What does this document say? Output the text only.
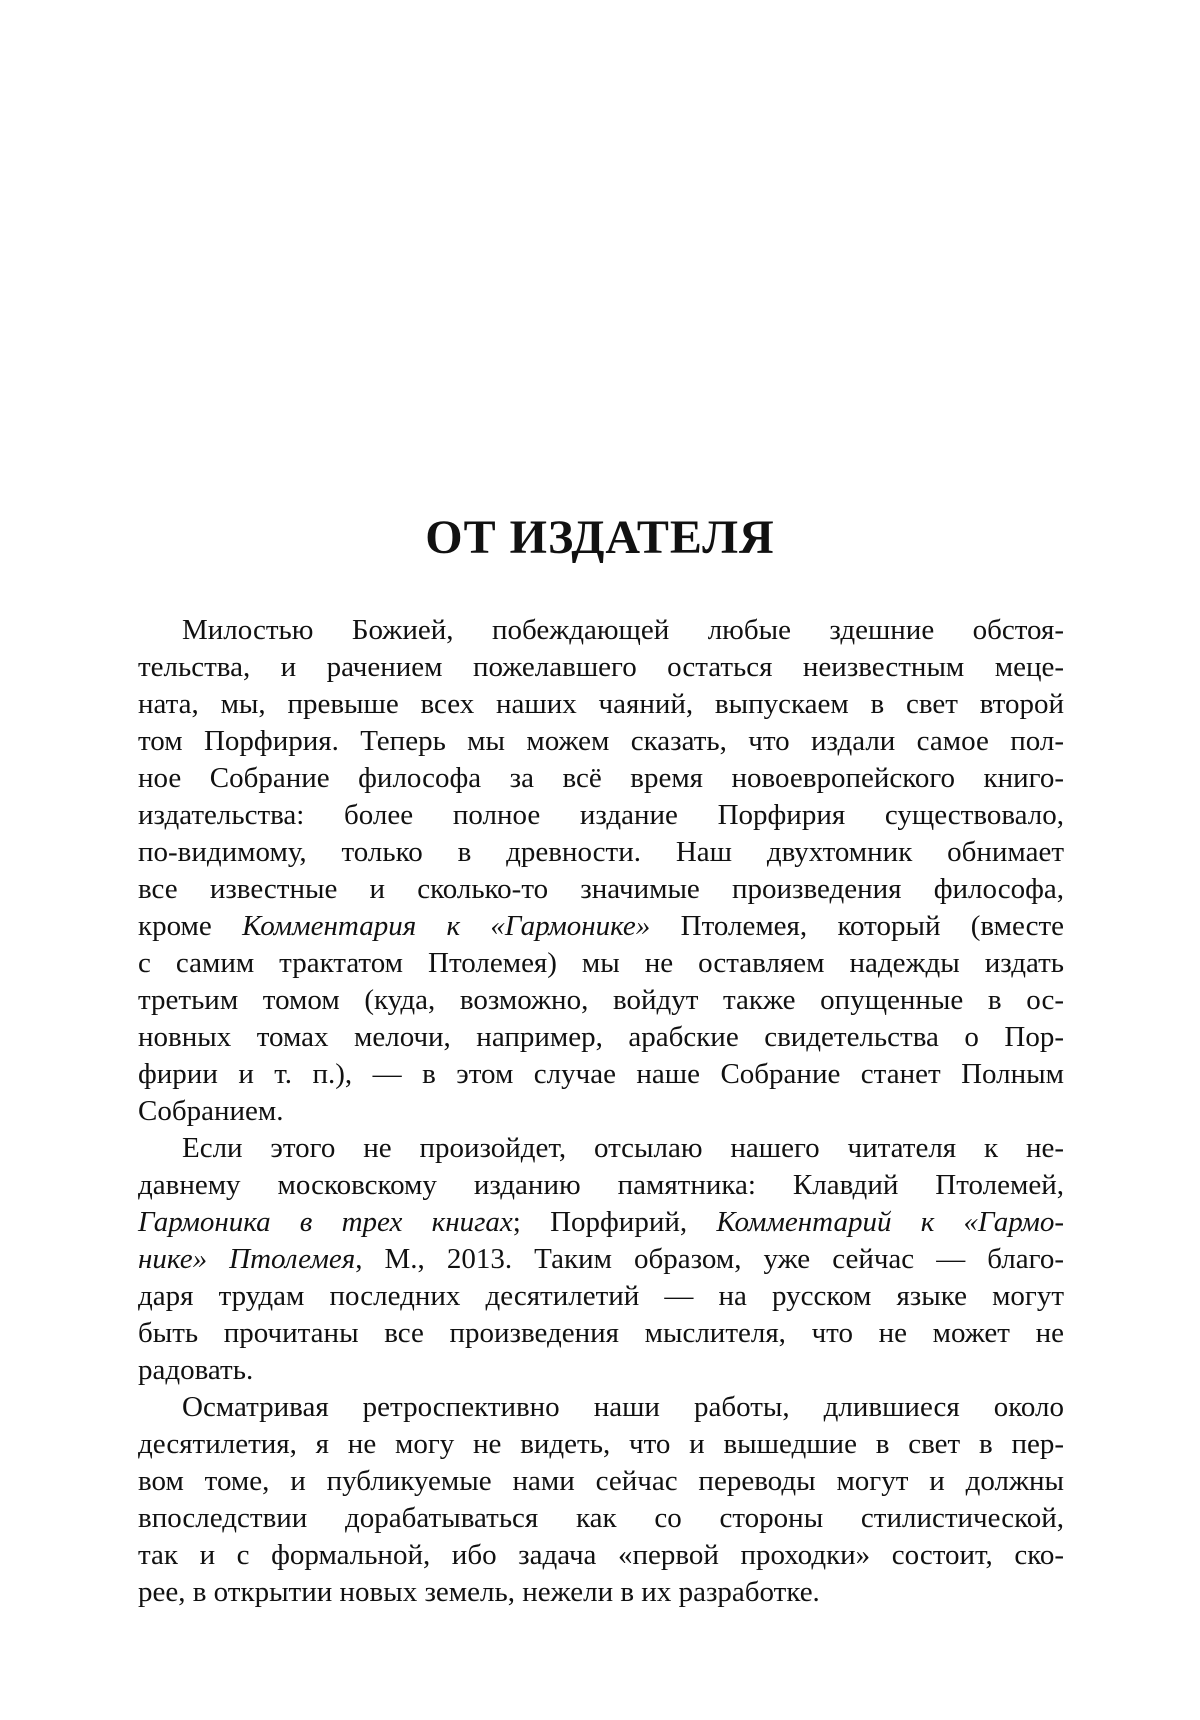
ОТ ИЗДАТЕЛЯ
Милостью Божией, побеждающей любые здешние обстоя-
тельства, и рачением пожелавшего остаться неизвестным мецe-
ната, мы, превыше всех наших чаяний, выпускаем в свет второй
том Порфирия. Теперь мы можем сказать, что издали самое пол-
ное Собрание философа за всё время новоевропейского книго-
издательства: более полное издание Порфирия существовало,
по-видимому, только в древности. Наш двухтомник обнимает
все известные и сколько-то значимые произведения философа,
кроме Комментария к «Гармонике» Птолемея, который (вместе
с самим трактатом Птолемея) мы не оставляем надежды издать
третьим томом (куда, возможно, войдут также опущенные в ос-
новных томах мелочи, например, арабские свидетельства о Пор-
фирии и т. п.), — в этом случае наше Собрание станет Полным
Собранием.
Если этого не произойдет, отсылаю нашего читателя к не-
давнему московскому изданию памятника: Клавдий Птолемей,
Гармоника в трех книгах; Порфирий, Комментарий к «Гармо-
нике» Птолемея, М., 2013. Таким образом, уже сейчас — благо-
даря трудам последних десятилетий — на русском языке могут
быть прочитаны все произведения мыслителя, что не может не
радовать.
Осматривая ретроспективно наши работы, длившиеся около
десятилетия, я не могу не видеть, что и вышедшие в свет в пер-
вом томе, и публикуемые нами сейчас переводы могут и должны
впоследствии дорабатываться как со стороны стилистической,
так и с формальной, ибо задача «первой проходки» состоит, ско-
рее, в открытии новых земель, нежели в их разработке.
